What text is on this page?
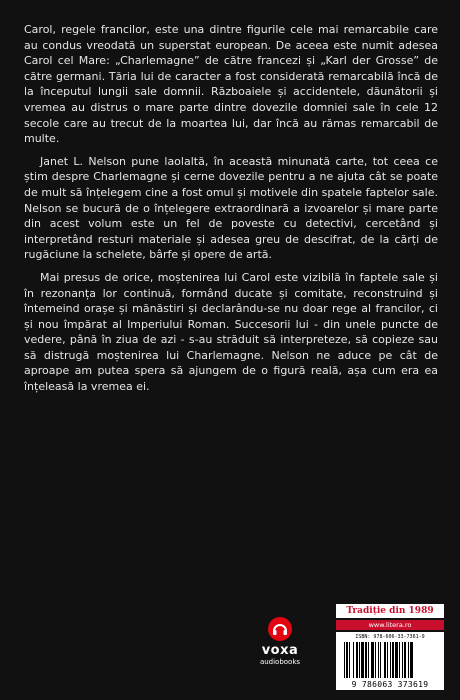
Carol, regele francilor, este una dintre figurile cele mai remarcabile care au condus vreodată un superstat european. De aceea este numit adesea Carol cel Mare: „Charlemagne” de către francezi și „Karl der Grosse” de către germani. Tăria lui de caracter a fost considerată remarcabilă încă de la începutul lungii sale domnii. Războaiele și accidentele, dăunătorii și vremea au distrus o mare parte dintre dovezile domniei sale în cele 12 secole care au trecut de la moartea lui, dar încă au rămas remarcabil de multe.

Janet L. Nelson pune laolaltă, în această minunată carte, tot ceea ce știm despre Charlemagne și cerne dovezile pentru a ne ajuta cât se poate de mult să înțelegem cine a fost omul și motivele din spatele faptelor sale. Nelson se bucură de o înțelegere extraordinară a izvoarelor și mare parte din acest volum este un fel de poveste cu detectivi, cercetând și interpretând resturi materiale și adesea greu de descifrat, de la cărți de rugăciune la schelete, bârfe și opere de artă.

Mai presus de orice, moștenirea lui Carol este vizibilă în faptele sale și în rezonanța lor continuă, formând ducate și comitate, reconstruind și întemeind orașe și mănăstiri și declarându-se nu doar rege al francilor, ci și nou împărat al Imperiului Roman. Succesorii lui - din unele puncte de vedere, până în ziua de azi - s-au străduit să interpreteze, să copieze sau să distrugă moștenirea lui Charlemagne. Nelson ne aduce pe cât de aproape am putea spera să ajungem de o figură reală, așa cum era ea înțeleasă la vremea ei.

voxa
audiobooks
Tradiție din 1989
www.litera.ro
ISBN: 978-606-33-7361-9
9 786063 373619
